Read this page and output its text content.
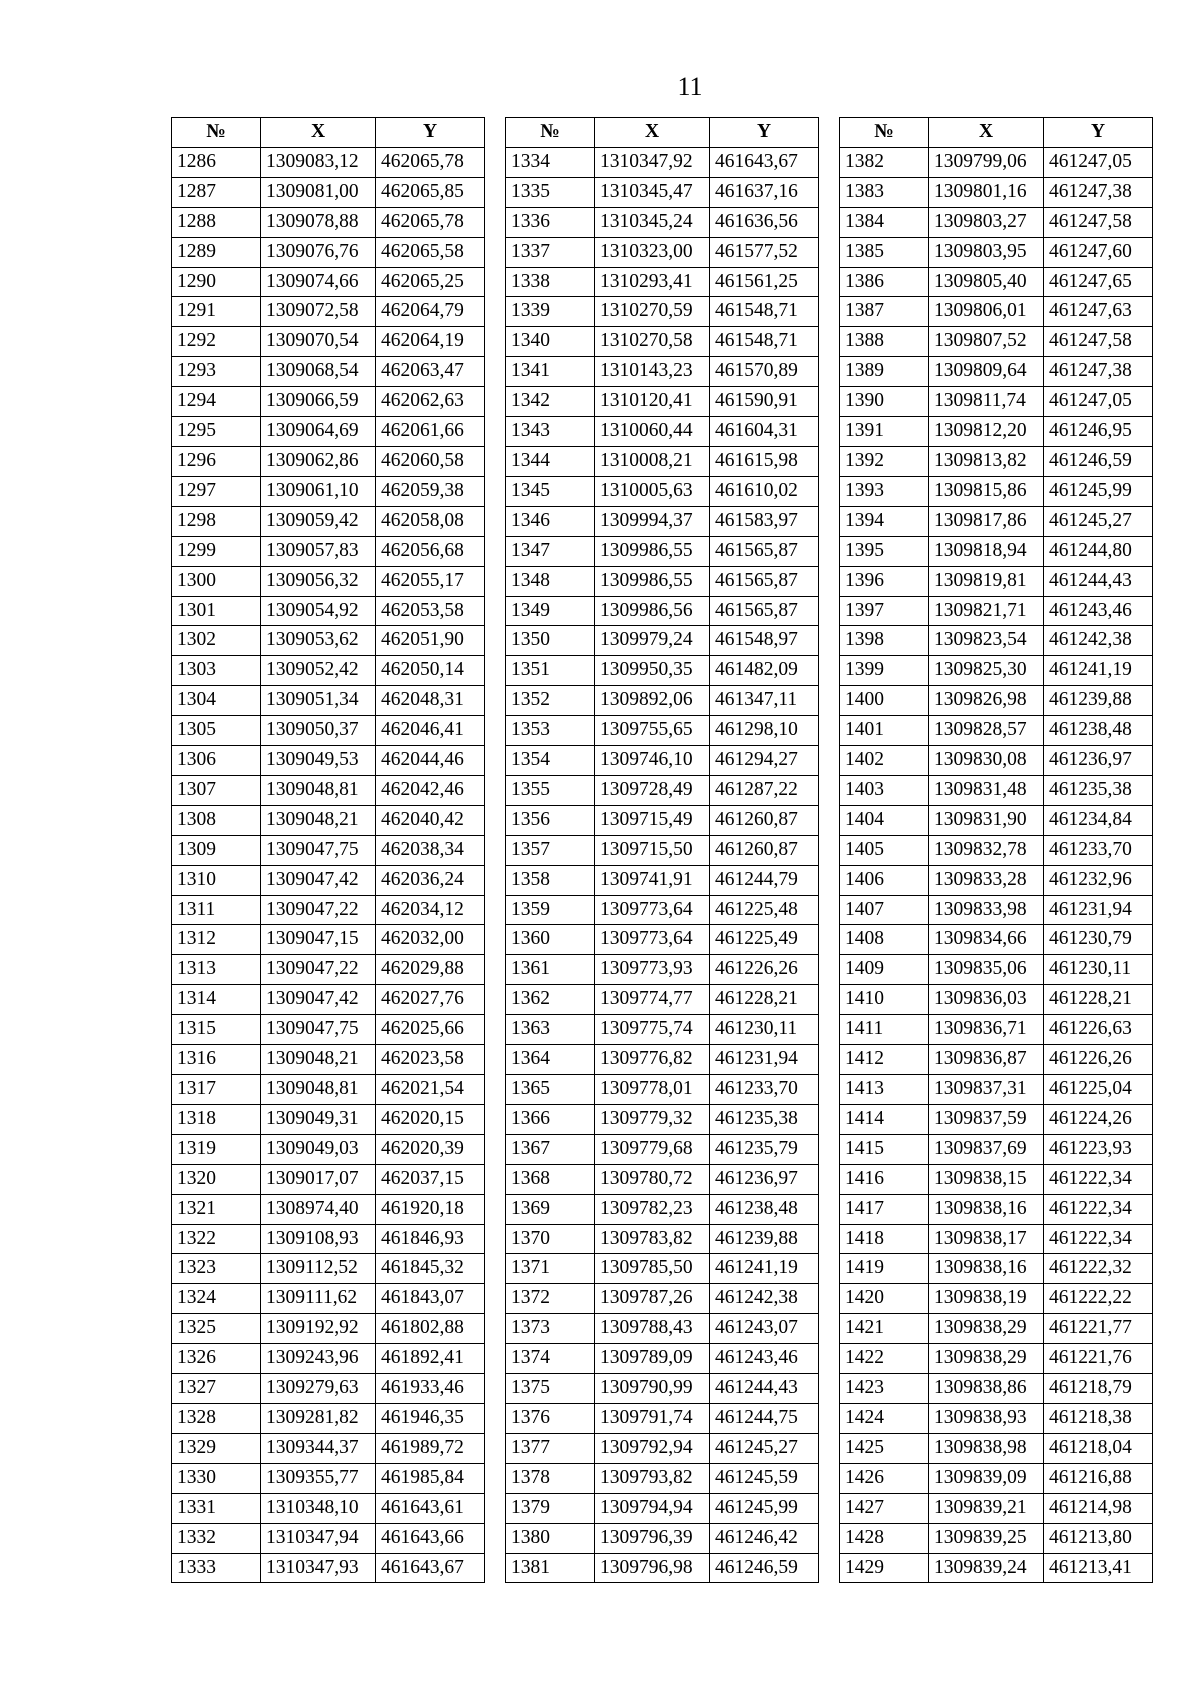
11
№	X	Y
1286	1309083,12	462065,78
1287	1309081,00	462065,85
1288	1309078,88	462065,78
1289	1309076,76	462065,58
1290	1309074,66	462065,25
1291	1309072,58	462064,79
1292	1309070,54	462064,19
1293	1309068,54	462063,47
1294	1309066,59	462062,63
1295	1309064,69	462061,66
1296	1309062,86	462060,58
1297	1309061,10	462059,38
1298	1309059,42	462058,08
1299	1309057,83	462056,68
1300	1309056,32	462055,17
1301	1309054,92	462053,58
1302	1309053,62	462051,90
1303	1309052,42	462050,14
1304	1309051,34	462048,31
1305	1309050,37	462046,41
1306	1309049,53	462044,46
1307	1309048,81	462042,46
1308	1309048,21	462040,42
1309	1309047,75	462038,34
1310	1309047,42	462036,24
1311	1309047,22	462034,12
1312	1309047,15	462032,00
1313	1309047,22	462029,88
1314	1309047,42	462027,76
1315	1309047,75	462025,66
1316	1309048,21	462023,58
1317	1309048,81	462021,54
1318	1309049,31	462020,15
1319	1309049,03	462020,39
1320	1309017,07	462037,15
1321	1308974,40	461920,18
1322	1309108,93	461846,93
1323	1309112,52	461845,32
1324	1309111,62	461843,07
1325	1309192,92	461802,88
1326	1309243,96	461892,41
1327	1309279,63	461933,46
1328	1309281,82	461946,35
1329	1309344,37	461989,72
1330	1309355,77	461985,84
1331	1310348,10	461643,61
1332	1310347,94	461643,66
1333	1310347,93	461643,67
№	X	Y
1334	1310347,92	461643,67
1335	1310345,47	461637,16
1336	1310345,24	461636,56
1337	1310323,00	461577,52
1338	1310293,41	461561,25
1339	1310270,59	461548,71
1340	1310270,58	461548,71
1341	1310143,23	461570,89
1342	1310120,41	461590,91
1343	1310060,44	461604,31
1344	1310008,21	461615,98
1345	1310005,63	461610,02
1346	1309994,37	461583,97
1347	1309986,55	461565,87
1348	1309986,55	461565,87
1349	1309986,56	461565,87
1350	1309979,24	461548,97
1351	1309950,35	461482,09
1352	1309892,06	461347,11
1353	1309755,65	461298,10
1354	1309746,10	461294,27
1355	1309728,49	461287,22
1356	1309715,49	461260,87
1357	1309715,50	461260,87
1358	1309741,91	461244,79
1359	1309773,64	461225,48
1360	1309773,64	461225,49
1361	1309773,93	461226,26
1362	1309774,77	461228,21
1363	1309775,74	461230,11
1364	1309776,82	461231,94
1365	1309778,01	461233,70
1366	1309779,32	461235,38
1367	1309779,68	461235,79
1368	1309780,72	461236,97
1369	1309782,23	461238,48
1370	1309783,82	461239,88
1371	1309785,50	461241,19
1372	1309787,26	461242,38
1373	1309788,43	461243,07
1374	1309789,09	461243,46
1375	1309790,99	461244,43
1376	1309791,74	461244,75
1377	1309792,94	461245,27
1378	1309793,82	461245,59
1379	1309794,94	461245,99
1380	1309796,39	461246,42
1381	1309796,98	461246,59
№	X	Y
1382	1309799,06	461247,05
1383	1309801,16	461247,38
1384	1309803,27	461247,58
1385	1309803,95	461247,60
1386	1309805,40	461247,65
1387	1309806,01	461247,63
1388	1309807,52	461247,58
1389	1309809,64	461247,38
1390	1309811,74	461247,05
1391	1309812,20	461246,95
1392	1309813,82	461246,59
1393	1309815,86	461245,99
1394	1309817,86	461245,27
1395	1309818,94	461244,80
1396	1309819,81	461244,43
1397	1309821,71	461243,46
1398	1309823,54	461242,38
1399	1309825,30	461241,19
1400	1309826,98	461239,88
1401	1309828,57	461238,48
1402	1309830,08	461236,97
1403	1309831,48	461235,38
1404	1309831,90	461234,84
1405	1309832,78	461233,70
1406	1309833,28	461232,96
1407	1309833,98	461231,94
1408	1309834,66	461230,79
1409	1309835,06	461230,11
1410	1309836,03	461228,21
1411	1309836,71	461226,63
1412	1309836,87	461226,26
1413	1309837,31	461225,04
1414	1309837,59	461224,26
1415	1309837,69	461223,93
1416	1309838,15	461222,34
1417	1309838,16	461222,34
1418	1309838,17	461222,34
1419	1309838,16	461222,32
1420	1309838,19	461222,22
1421	1309838,29	461221,77
1422	1309838,29	461221,76
1423	1309838,86	461218,79
1424	1309838,93	461218,38
1425	1309838,98	461218,04
1426	1309839,09	461216,88
1427	1309839,21	461214,98
1428	1309839,25	461213,80
1429	1309839,24	461213,41
